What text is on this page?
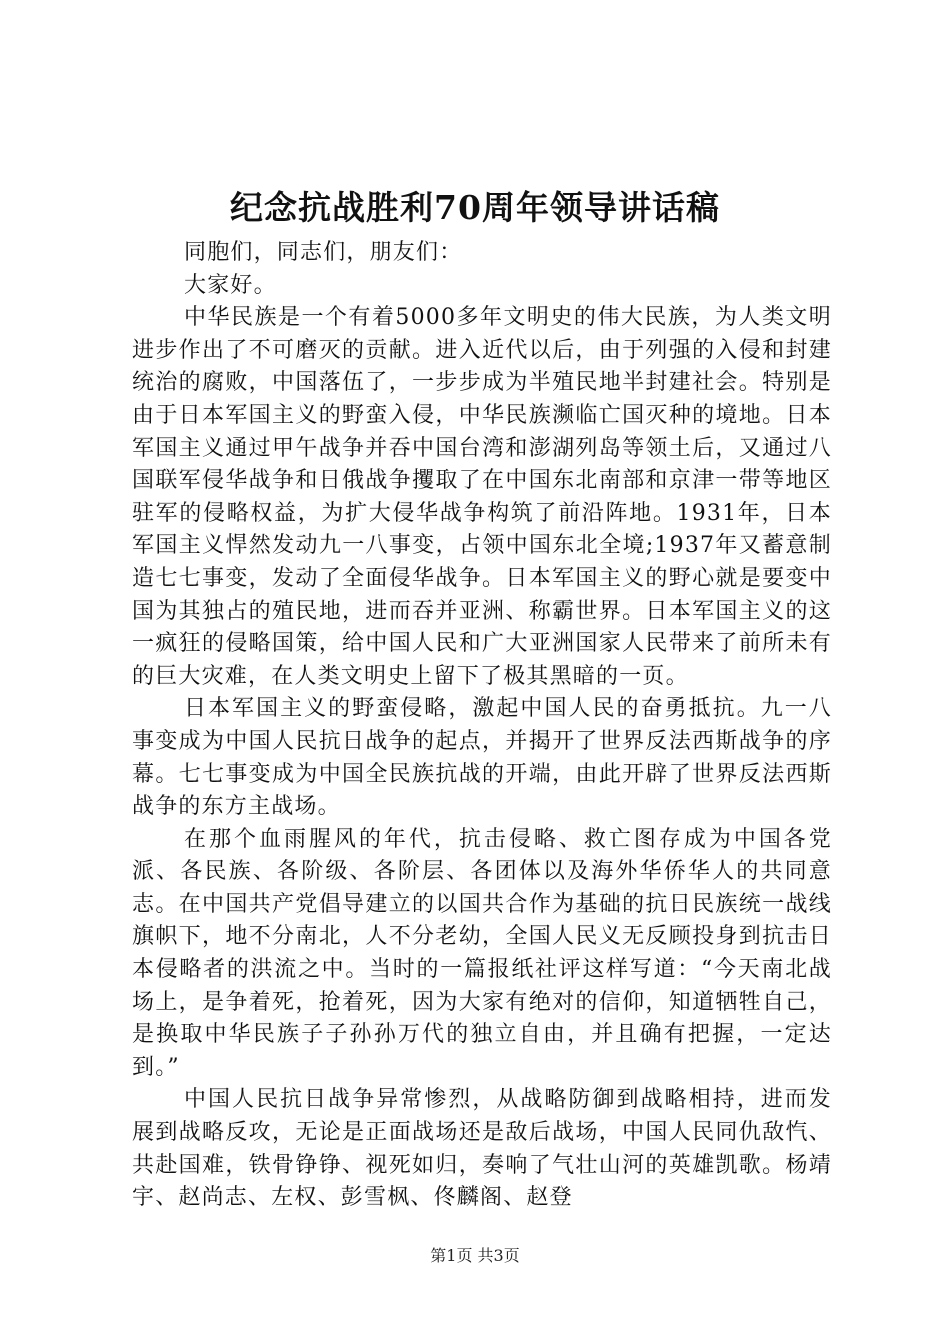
纪念抗战胜利70周年领导讲话稿

同胞们，同志们，朋友们：

大家好。

中华民族是一个有着5000多年文明史的伟大民族，为人类文明进步作出了不可磨灭的贡献。进入近代以后，由于列强的入侵和封建统治的腐败，中国落伍了，一步步成为半殖民地半封建社会。特别是由于日本军国主义的野蛮入侵，中华民族濒临亡国灭种的境地。日本军国主义通过甲午战争并吞中国台湾和澎湖列岛等领土后，又通过八国联军侵华战争和日俄战争攫取了在中国东北南部和京津一带等地区驻军的侵略权益，为扩大侵华战争构筑了前沿阵地。1931年，日本军国主义悍然发动九一八事变，占领中国东北全境;1937年又蓄意制造七七事变，发动了全面侵华战争。日本军国主义的野心就是要变中国为其独占的殖民地，进而吞并亚洲、称霸世界。日本军国主义的这一疯狂的侵略国策，给中国人民和广大亚洲国家人民带来了前所未有的巨大灾难，在人类文明史上留下了极其黑暗的一页。

日本军国主义的野蛮侵略，激起中国人民的奋勇抵抗。九一八事变成为中国人民抗日战争的起点，并揭开了世界反法西斯战争的序幕。七七事变成为中国全民族抗战的开端，由此开辟了世界反法西斯战争的东方主战场。

在那个血雨腥风的年代，抗击侵略、救亡图存成为中国各党派、各民族、各阶级、各阶层、各团体以及海外华侨华人的共同意志。在中国共产党倡导建立的以国共合作为基础的抗日民族统一战线旗帜下，地不分南北，人不分老幼，全国人民义无反顾投身到抗击日本侵略者的洪流之中。当时的一篇报纸社评这样写道：“今天南北战场上，是争着死，抢着死，因为大家有绝对的信仰，知道牺牲自己，是换取中华民族子子孙孙万代的独立自由，并且确有把握，一定达到。”

中国人民抗日战争异常惨烈，从战略防御到战略相持，进而发展到战略反攻，无论是正面战场还是敌后战场，中国人民同仇敌忾、共赴国难，铁骨铮铮、视死如归，奏响了气壮山河的英雄凯歌。杨靖宇、赵尚志、左权、彭雪枫、佟麟阁、赵登

第1页 共3页
